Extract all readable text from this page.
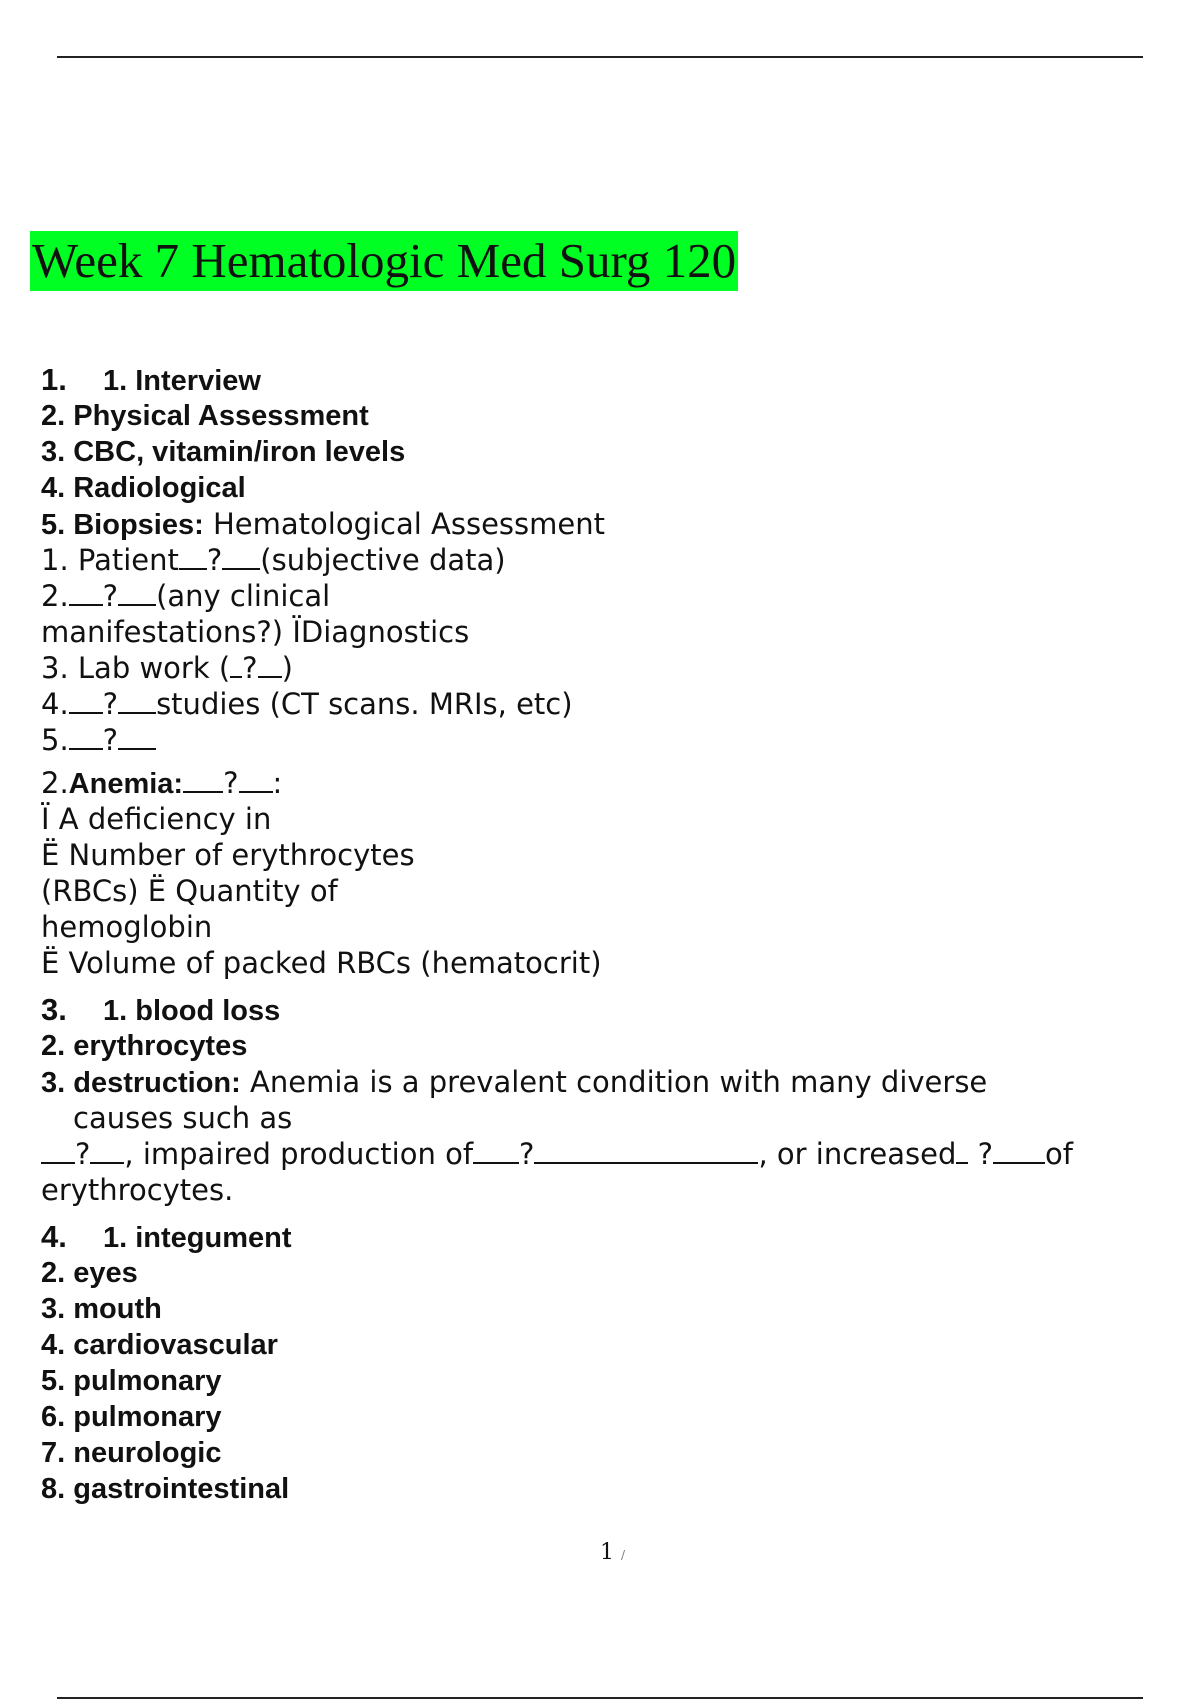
Week 7 Hematologic Med Surg 120
1. 1. Interview
2. Physical Assessment
3. CBC, vitamin/iron levels
4. Radiological
5. Biopsies: Hematological Assessment
1. Patient ? (subjective data)
2. ? (any clinical
manifestations?) ÏDiagnostics
3. Lab work ( ? )
4. ? studies (CT scans. MRIs, etc)
5. ?
2.Anemia: ? :
Ï A deficiency in
Ë Number of erythrocytes
(RBCs) Ë Quantity of
hemoglobin
Ë Volume of packed RBCs (hematocrit)
3. 1. blood loss
2. erythrocytes
3. destruction: Anemia is a prevalent condition with many diverse
causes such as
? , impaired production of ?	, or increased ? of
erythrocytes.
4. 1. integument
2. eyes
3. mouth
4. cardiovascular
5. pulmonary
6. pulmonary
7. neurologic
8. gastrointestinal
1 /
